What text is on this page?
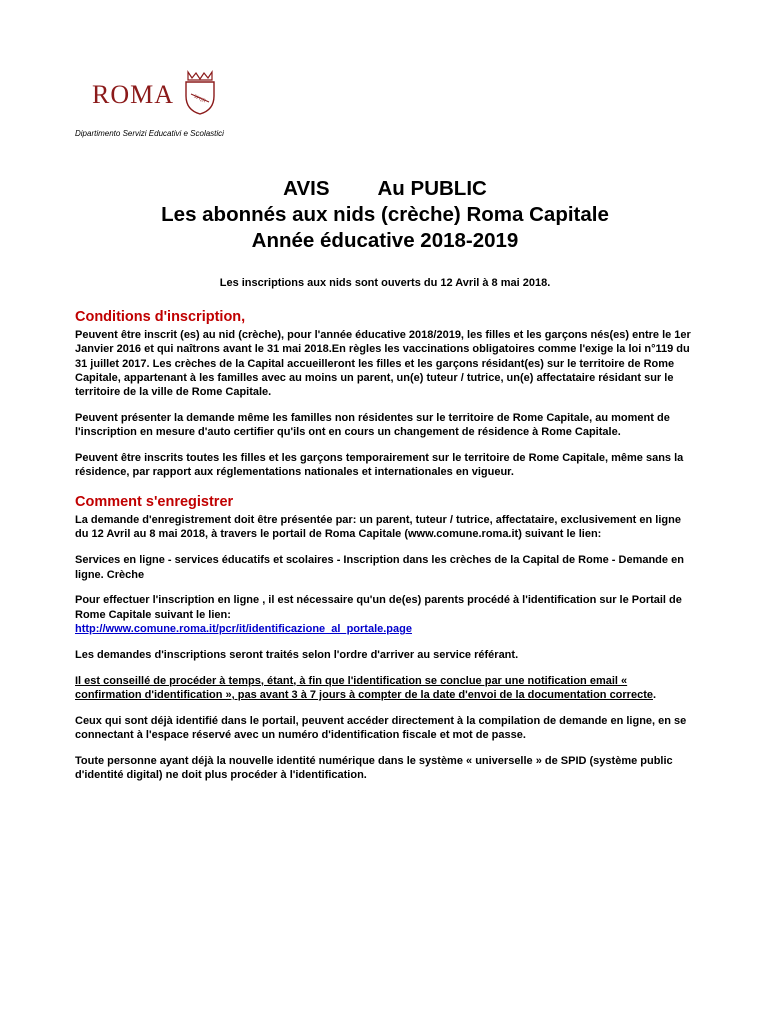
ROMA	SPQR
Dipartimento Servizi Educativi e Scolastici
AVIS Au PUBLIC
Les abonnés aux nids (crèche) Roma Capitale
Année éducative 2018-2019
Les inscriptions aux nids sont ouverts du 12 Avril à 8 mai 2018.
Conditions d'inscription,

Peuvent être inscrit (es) au nid (crèche), pour l'année éducative 2018/2019, les filles et les garçons nés(es) entre le 1er Janvier 2016 et qui naîtrons avant le 31 mai 2018.En règles les vaccinations obligatoires comme l'exige la loi n°119 du 31 juillet 2017. Les crèches de la Capital accueilleront les filles et les garçons résidant(es) sur le territoire de Rome Capitale, appartenant à les familles avec au moins un parent, un(e) tuteur / tutrice, un(e) affectataire résidant sur le territoire de la ville de Rome Capitale.

Peuvent présenter la demande même les familles non résidentes sur le territoire de Rome Capitale, au moment de l'inscription en mesure d'auto certifier qu'ils ont en cours un changement de résidence à Rome Capitale.

Peuvent être inscrits toutes les filles et les garçons temporairement sur le territoire de Rome Capitale, même sans la résidence, par rapport aux réglementations nationales et internationales en vigueur.

Comment s'enregistrer

La demande d'enregistrement doit être présentée par: un parent, tuteur / tutrice, affectataire, exclusivement en ligne du 12 Avril au 8 mai 2018, à travers le portail de Roma Capitale (www.comune.roma.it) suivant le lien:

Services en ligne - services éducatifs et scolaires - Inscription dans les crèches de la Capital de Rome - Demande en ligne. Crèche

Pour effectuer l'inscription en ligne , il est nécessaire qu'un de(es) parents procédé à l'identification sur le Portail de Rome Capitale suivant le lien:
http://www.comune.roma.it/pcr/it/identificazione_al_portale.page

Les demandes d'inscriptions seront traités selon l'ordre d'arriver au service référant.

Il est conseillé de procéder à temps, étant, à fin que l'identification se conclue par une notification email « confirmation d'identification », pas avant 3 à 7 jours à compter de la date d'envoi de la documentation correcte.

Ceux qui sont déjà identifié dans le portail, peuvent accéder directement à la compilation de demande en ligne, en se connectant à l'espace réservé avec un numéro d'identification fiscale et mot de passe.

Toute personne ayant déjà la nouvelle identité numérique dans le système « universelle » de SPID (système public d'identité digital) ne doit plus procéder à l'identification.
